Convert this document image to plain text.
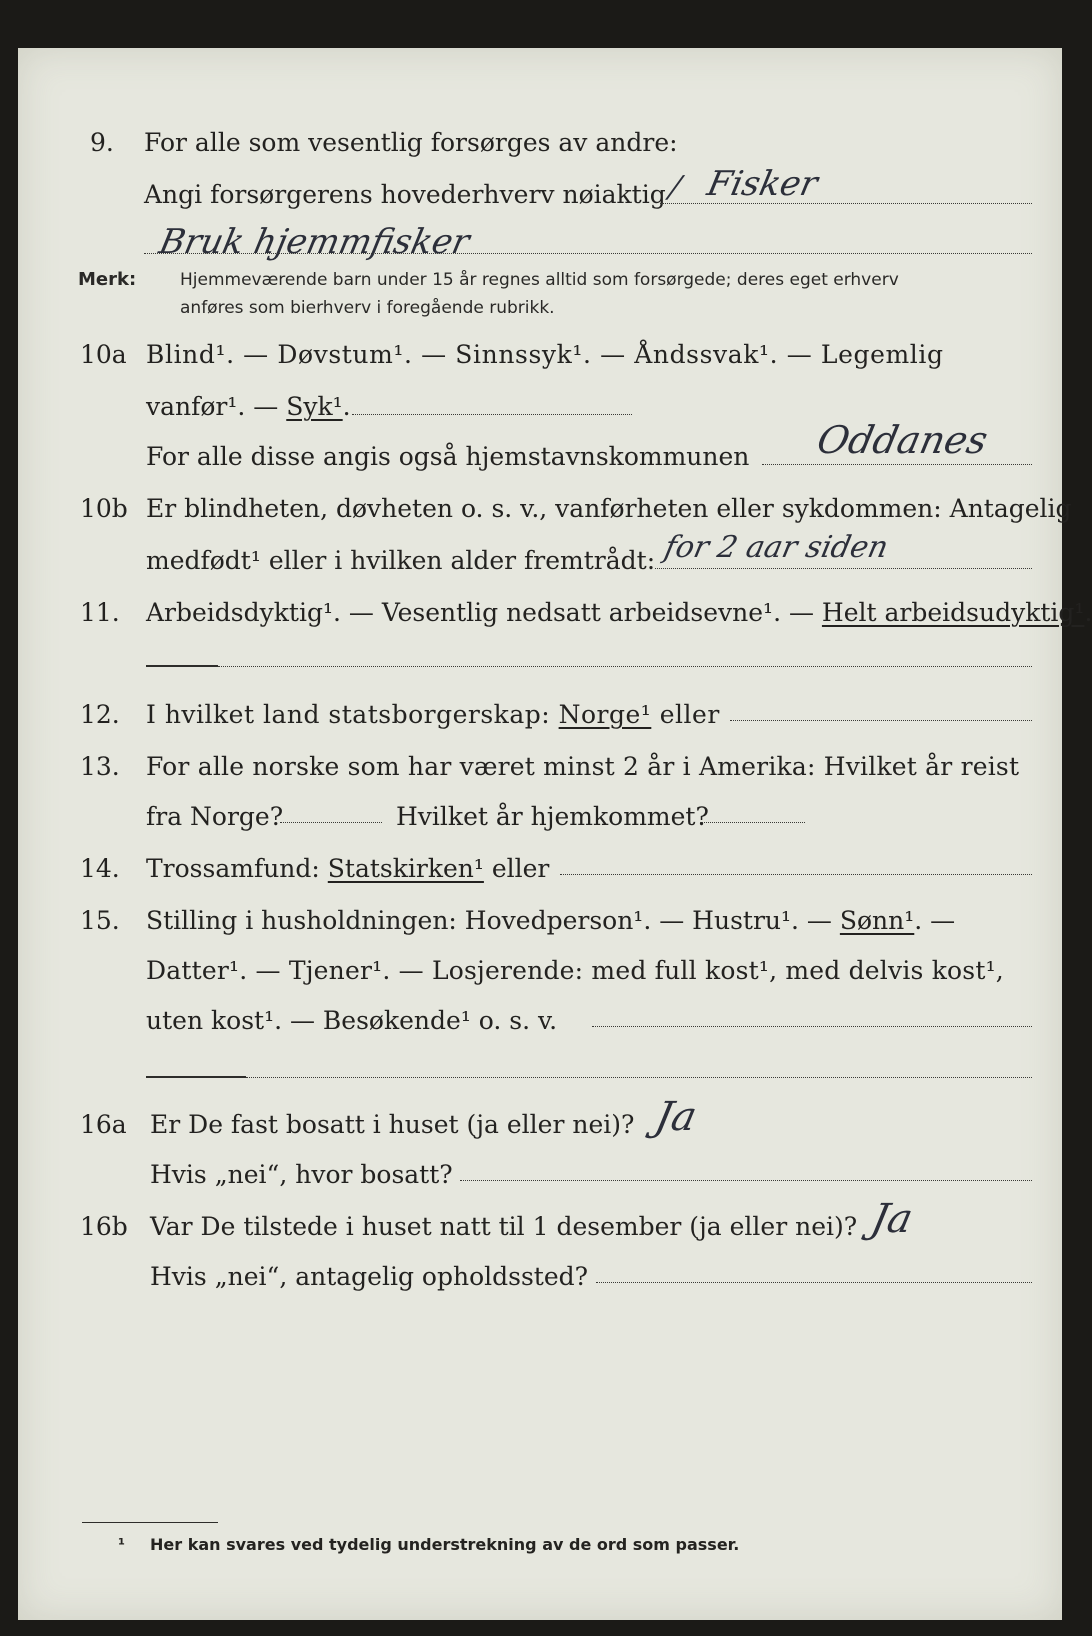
9. For alle som vesentlig forsørges av andre:
/
Angi forsørgerens hovederhverv nøiaktig Fisker
Bruk hjemmfisker
Merk:	Hjemmeværende barn under 15 år regnes alltid som forsørgede; deres eget erhverv
anføres som bierhverv i foregående rubrikk.
10a Blind¹. — Døvstum¹. — Sinnssyk¹. — Åndssvak¹. — Legemlig
vanfør¹. — Syk¹.
For alle disse angis også hjemstavnskommunen Oddanes
10b Er blindheten, døvheten o. s. v., vanførheten eller sykdommen: Antagelig
medfødt¹ eller i hvilken alder fremtrådt: for 2 aar siden
11. Arbeidsdyktig¹. — Vesentlig nedsatt arbeidsevne¹. — Helt arbeidsudyktig¹.
12. I hvilket land statsborgerskap: Norge¹ eller
13. For alle norske som har været minst 2 år i Amerika: Hvilket år reist
fra Norge?	Hvilket år hjemkommet?
14. Trossamfund: Statskirken¹ eller
15. Stilling i husholdningen: Hovedperson¹. — Hustru¹. — Sønn¹. —
Datter¹. — Tjener¹. — Losjerende: med full kost¹, med delvis kost¹,
uten kost¹. — Besøkende¹ o. s. v.
16a Er De fast bosatt i huset (ja eller nei)? Ja
Hvis „nei“, hvor bosatt?
16b Var De tilstede i huset natt til 1 desember (ja eller nei)? Ja
Hvis „nei“, antagelig opholdssted?
¹ Her kan svares ved tydelig understrekning av de ord som passer.
